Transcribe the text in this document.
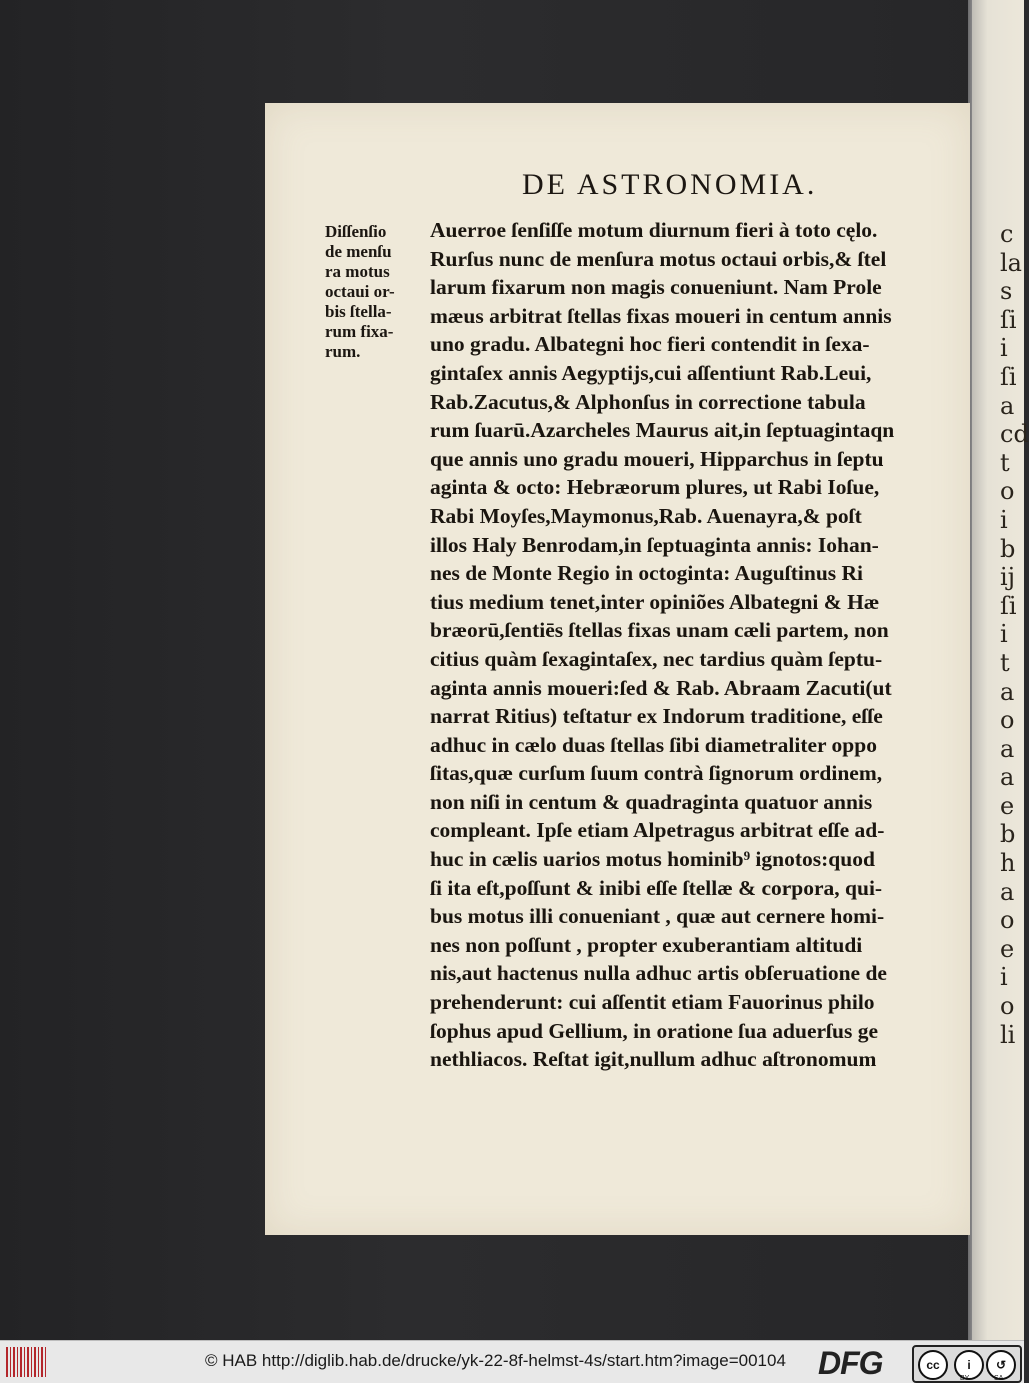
c
la
s
ſi
i
ſi
a
cd
t
o
i
b
ij
ſi
i
t
a
o
a
a
e
b
h
a
o
e
i
o
li
DE ASTRONOMIA.
Diſſenſio
de menſu
ra motus
octaui or-
bis ſtella-
rum fixa-
rum.
Auerroe ſenſiſſe motum diurnum fieri à toto cęlo.
Rurſus nunc de menſura motus octaui orbis,& ſtel
larum fixarum non magis conueniunt. Nam Prole
mæus arbitrat ſtellas fixas moueri in centum annis
uno gradu. Albategni hoc fieri contendit in ſexa-
gintaſex annis Aegyptijs,cui aſſentiunt Rab.Leui,
Rab.Zacutus,& Alphonſus in correctione tabula
rum ſuarū.Azarcheles Maurus ait,in ſeptuagintaqn
que annis uno gradu moueri, Hipparchus in ſeptu
aginta & octo: Hebræorum plures, ut Rabi Ioſue,
Rabi Moyſes,Maymonus,Rab. Auenayra,& poſt
illos Haly Benrodam,in ſeptuaginta annis: Iohan-
nes de Monte Regio in octoginta: Auguſtinus Ri
tius medium tenet,inter opiniões Albategni & Hæ
bræorū,ſentiēs ſtellas fixas unam cæli partem, non
citius quàm ſexagintaſex, nec tardius quàm ſeptu-
aginta annis moueri:ſed & Rab. Abraam Zacuti(ut
narrat Ritius) teſtatur ex Indorum traditione, eſſe
adhuc in cælo duas ſtellas ſibi diametraliter oppo
ſitas,quæ curſum ſuum contrà ſignorum ordinem,
non niſi in centum & quadraginta quatuor annis
compleant. Ipſe etiam Alpetragus arbitrat eſſe ad-
huc in cælis uarios motus hominib⁹ ignotos:quod
ſi ita eſt,poſſunt & inibi eſſe ſtellæ & corpora, qui-
bus motus illi conueniant , quæ aut cernere homi-
nes non poſſunt , propter exuberantiam altitudi
nis,aut hactenus nulla adhuc artis obſeruatione de
prehenderunt: cui aſſentit etiam Fauorinus philo
ſophus apud Gellium, in oratione ſua aduerſus ge
nethliacos. Reſtat igit,nullum adhuc aſtronomum
© HAB http://diglib.hab.de/drucke/yk-22-8f-helmst-4s/start.htm?image=00104 DFG	cc	i
BY
↺
SA
